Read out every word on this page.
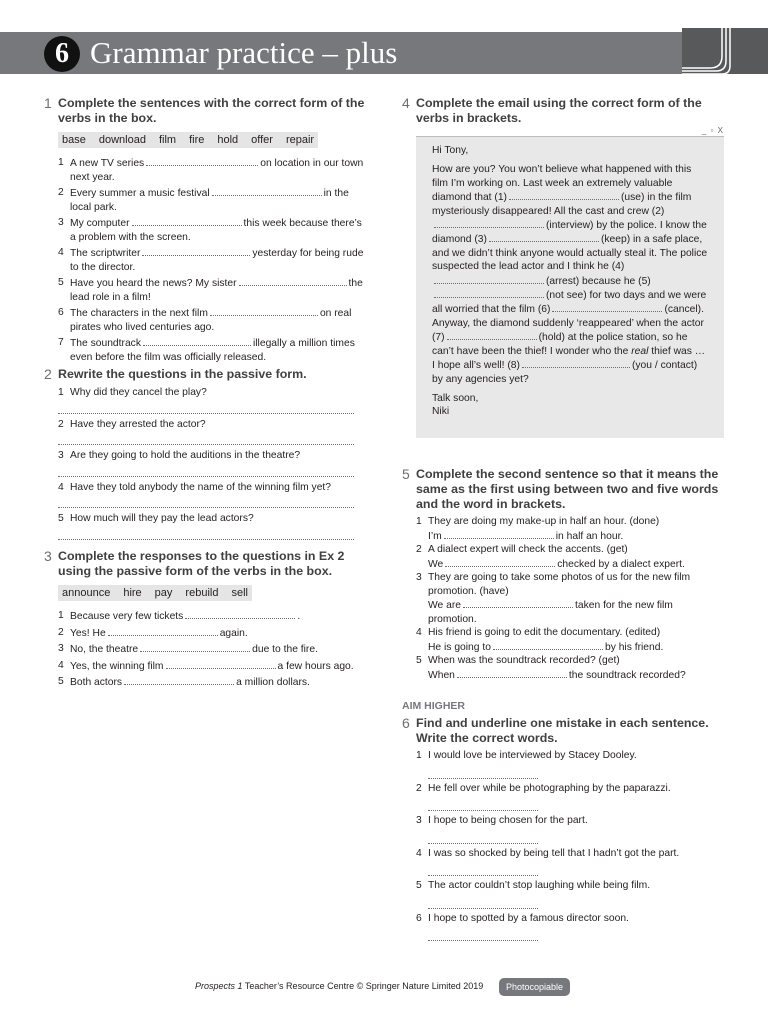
6 Grammar practice – plus
1 Complete the sentences with the correct form of the verbs in the box.
base download film fire hold offer repair
1 A new TV series	on location in our town next year.
2 Every summer a music festival	in the local park.
3 My computer	this week because there’s a problem with the screen.
4 The scriptwriter	yesterday for being rude to the director.
5 Have you heard the news? My sister	the lead role in a film!
6 The characters in the next film	on real pirates who lived centuries ago.
7 The soundtrack	illegally a million times even before the film was officially released.
2 Rewrite the questions in the passive form.
1 Why did they cancel the play?
2 Have they arrested the actor?
3 Are they going to hold the auditions in the theatre?
4 Have they told anybody the name of the winning film yet?
5 How much will they pay the lead actors?
3 Complete the responses to the questions in Ex 2 using the passive form of the verbs in the box.
announce hire pay rebuild sell
1 Because very few tickets	.
2 Yes! He	again.
3 No, the theatre	due to the fire.
4 Yes, the winning film	a few hours ago.
5 Both actors	a million dollars.
4 Complete the email using the correct form of the verbs in brackets.
_ ▫ X

Hi Tony,

How are you? You won’t believe what happened with this film I’m working on. Last week an extremely valuable diamond that (1)	(use) in the film mysteriously disappeared! All the cast and crew (2)(interview) by the police. I know the diamond (3)	(keep) in a safe place, and we didn’t think anyone would actually steal it. The police suspected the lead actor and I think he (4)(arrest) because he (5)(not see) for two days and we were all worried that the film (6)	(cancel). Anyway, the diamond suddenly ‘reappeared’ when the actor (7)	(hold) at the police station, so he can’t have been the thief! I wonder who the real thief was …
I hope all’s well! (8)	(you / contact) by any agencies yet?

Talk soon,
Niki

5 Complete the second sentence so that it means the same as the first using between two and five words and the word in brackets.
1 They are doing my make-up in half an hour. (done)
I’m	in half an hour.
2 A dialect expert will check the accents. (get)
We	checked by a dialect expert.
3 They are going to take some photos of us for the new film promotion. (have)
We are	taken for the new film promotion.
4 His friend is going to edit the documentary. (edited)
He is going to	by his friend.
5 When was the soundtrack recorded? (get)
When	the soundtrack recorded?
AIM HIGHER
6 Find and underline one mistake in each sentence. Write the correct words.
1 I would love be interviewed by Stacey Dooley.
2 He fell over while be photographing by the paparazzi.
3 I hope to being chosen for the part.
4 I was so shocked by being tell that I hadn’t got the part.
5 The actor couldn’t stop laughing while being film.
6 I hope to spotted by a famous director soon.
Prospects 1 Teacher’s Resource Centre © Springer Nature Limited 2019	Photocopiable
